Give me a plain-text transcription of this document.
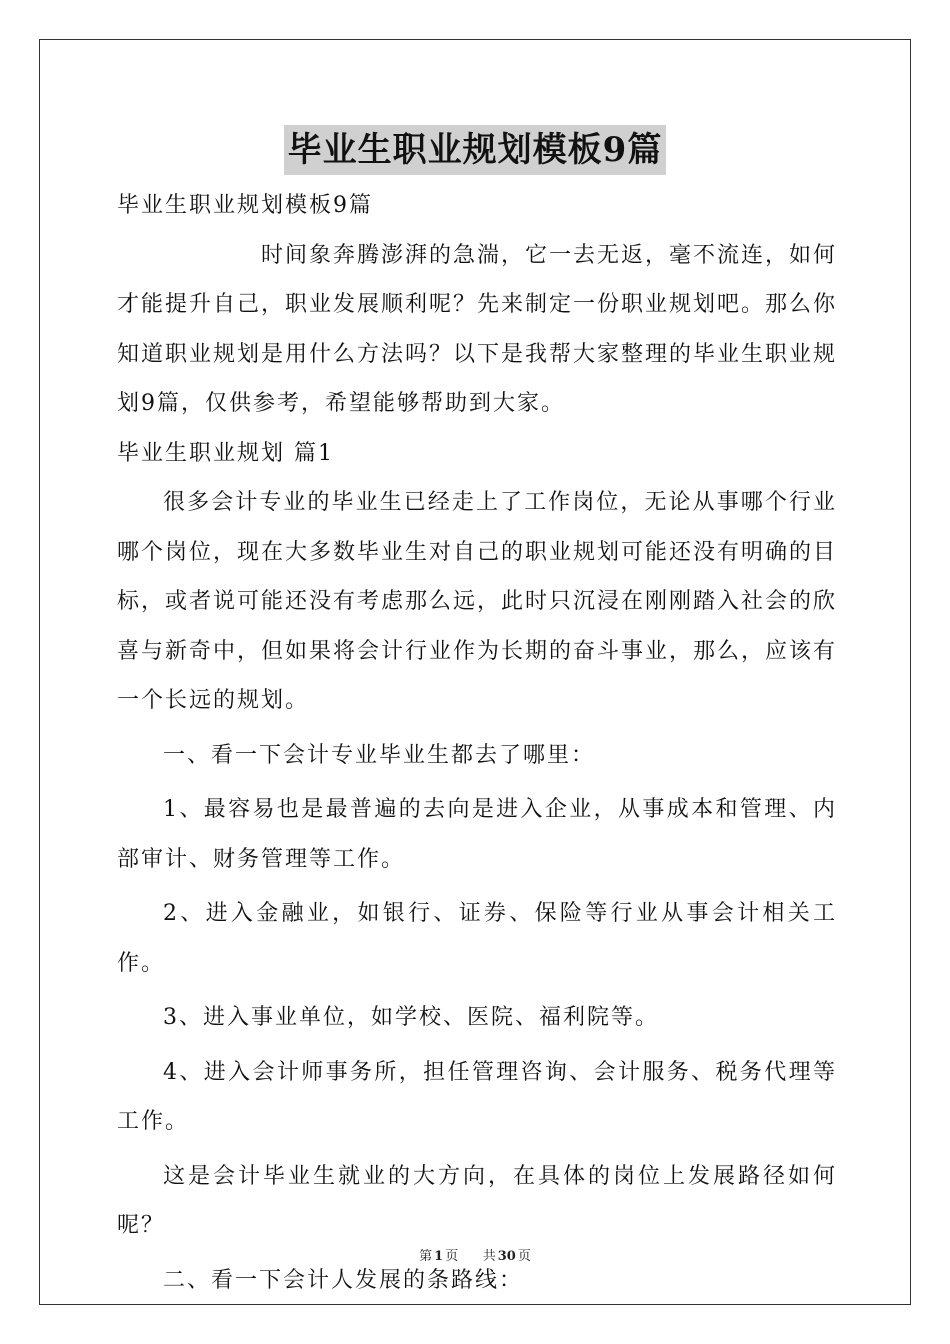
毕业生职业规划模板9篇

毕业生职业规划模板9篇

时间象奔腾澎湃的急湍，它一去无返，毫不流连，如何才能提升自己，职业发展顺利呢？先来制定一份职业规划吧。那么你知道职业规划是用什么方法吗？以下是我帮大家整理的毕业生职业规划9篇，仅供参考，希望能够帮助到大家。

毕业生职业规划 篇1

很多会计专业的毕业生已经走上了工作岗位，无论从事哪个行业哪个岗位，现在大多数毕业生对自己的职业规划可能还没有明确的目标，或者说可能还没有考虑那么远，此时只沉浸在刚刚踏入社会的欣喜与新奇中，但如果将会计行业作为长期的奋斗事业，那么，应该有一个长远的规划。

一、看一下会计专业毕业生都去了哪里：

1、最容易也是最普遍的去向是进入企业，从事成本和管理、内部审计、财务管理等工作。

2、进入金融业，如银行、证券、保险等行业从事会计相关工作。

3、进入事业单位，如学校、医院、福利院等。

4、进入会计师事务所，担任管理咨询、会计服务、税务代理等工作。

这是会计毕业生就业的大方向，在具体的岗位上发展路径如何呢？

二、看一下会计人发展的条路线：

第 1 页 共 30 页
